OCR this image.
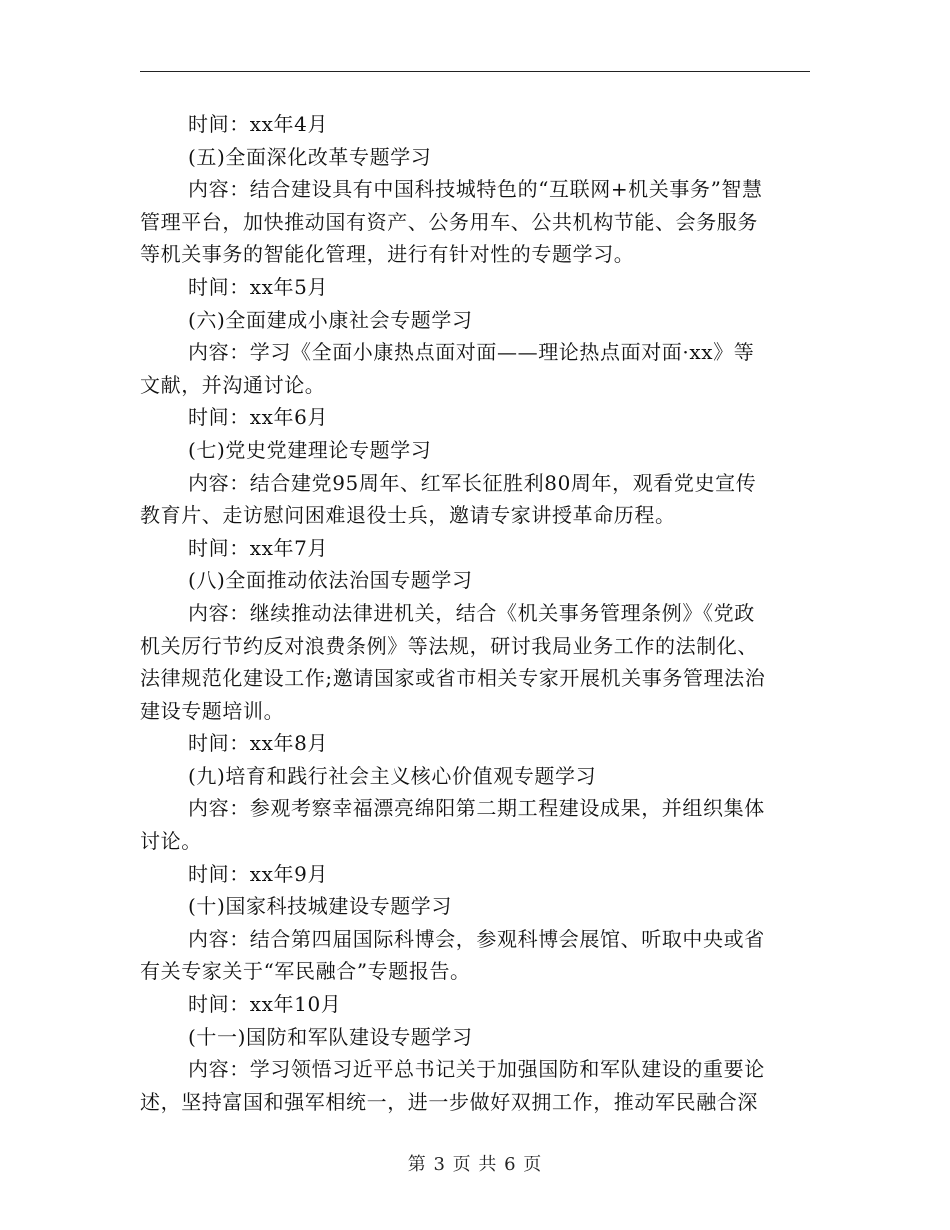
时间：xx年4月
(五)全面深化改革专题学习
内容：结合建设具有中国科技城特色的“互联网+机关事务”智慧
管理平台，加快推动国有资产、公务用车、公共机构节能、会务服务
等机关事务的智能化管理，进行有针对性的专题学习。
时间：xx年5月
(六)全面建成小康社会专题学习
内容：学习《全面小康热点面对面——理论热点面对面·xx》等
文献，并沟通讨论。
时间：xx年6月
(七)党史党建理论专题学习
内容：结合建党95周年、红军长征胜利80周年，观看党史宣传
教育片、走访慰问困难退役士兵，邀请专家讲授革命历程。
时间：xx年7月
(八)全面推动依法治国专题学习
内容：继续推动法律进机关，结合《机关事务管理条例》《党政
机关厉行节约反对浪费条例》等法规，研讨我局业务工作的法制化、
法律规范化建设工作;邀请国家或省市相关专家开展机关事务管理法治
建设专题培训。
时间：xx年8月
(九)培育和践行社会主义核心价值观专题学习
内容：参观考察幸福漂亮绵阳第二期工程建设成果，并组织集体
讨论。
时间：xx年9月
(十)国家科技城建设专题学习
内容：结合第四届国际科博会，参观科博会展馆、听取中央或省
有关专家关于“军民融合”专题报告。
时间：xx年10月
(十一)国防和军队建设专题学习
内容：学习领悟习近平总书记关于加强国防和军队建设的重要论
述，坚持富国和强军相统一，进一步做好双拥工作，推动军民融合深
第 3 页 共 6 页
